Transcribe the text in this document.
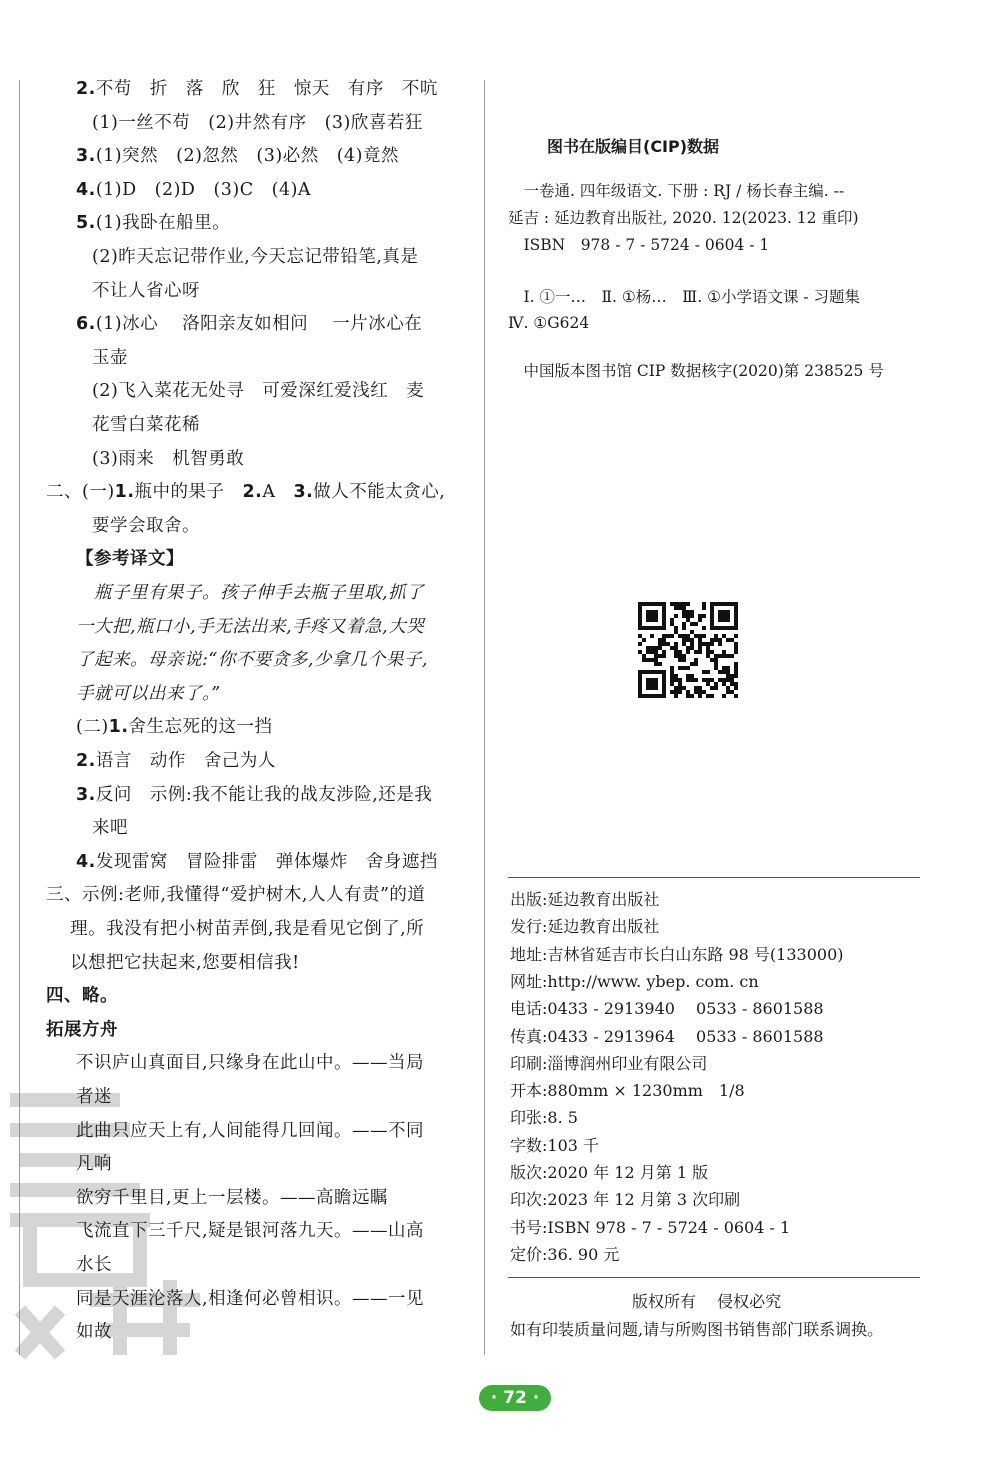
2.不苟　折　落　欣　狂　惊天　有序　不吭
(1)一丝不苟　(2)井然有序　(3)欣喜若狂
3.(1)突然　(2)忽然　(3)必然　(4)竟然
4.(1)D　(2)D　(3)C　(4)A
5.(1)我卧在船里。
(2)昨天忘记带作业,今天忘记带铅笔,真是
不让人省心呀
6.(1)冰心　 洛阳亲友如相问　 一片冰心在
玉壶
(2)飞入菜花无处寻　可爱深红爱浅红　麦
花雪白菜花稀
(3)雨来　机智勇敢
二、(一)1.瓶中的果子　2.A　3.做人不能太贪心,
要学会取舍。
【参考译文】
　瓶子里有果子。孩子伸手去瓶子里取,抓了
一大把,瓶口小,手无法出来,手疼又着急,大哭
了起来。母亲说:“你不要贪多,少拿几个果子,
手就可以出来了。”
(二)1.舍生忘死的这一挡
2.语言　动作　舍己为人
3.反问　示例:我不能让我的战友涉险,还是我
来吧
4.发现雷窝　冒险排雷　弹体爆炸　舍身遮挡
三、示例:老师,我懂得“爱护树木,人人有责”的道
　 理。我没有把小树苗弄倒,我是看见它倒了,所
　 以想把它扶起来,您要相信我!
四、略。
拓展方舟
不识庐山真面目,只缘身在此山中。——当局
者迷
此曲只应天上有,人间能得几回闻。——不同
凡响
欲穷千里目,更上一层楼。——高瞻远瞩
飞流直下三千尺,疑是银河落九天。——山高
水长
同是天涯沦落人,相逢何必曾相识。——一见
如故
图书在版编目(CIP)数据
　一卷通. 四年级语文. 下册 : RJ / 杨长春主编. --
延吉 : 延边教育出版社, 2020. 12(2023. 12 重印)
　ISBN　978 - 7 - 5724 - 0604 - 1
　Ⅰ. ①一…　Ⅱ. ①杨…　Ⅲ. ①小学语文课 - 习题集
Ⅳ. ①G624
　中国版本图书馆 CIP 数据核字(2020)第 238525 号
出版:延边教育出版社
发行:延边教育出版社
地址:吉林省延吉市长白山东路 98 号(133000)
网址:http://www. ybep. com. cn
电话:0433 - 2913940　 0533 - 8601588
传真:0433 - 2913964　 0533 - 8601588
印刷:淄博润州印业有限公司
开本:880mm × 1230mm　1/8
印张:8. 5
字数:103 千
版次:2020 年 12 月第 1 版
印次:2023 年 12 月第 3 次印刷
书号:ISBN 978 - 7 - 5724 - 0604 - 1
定价:36. 90 元
版权所有　 侵权必究
如有印装质量问题,请与所购图书销售部门联系调换。
· 72 ·
